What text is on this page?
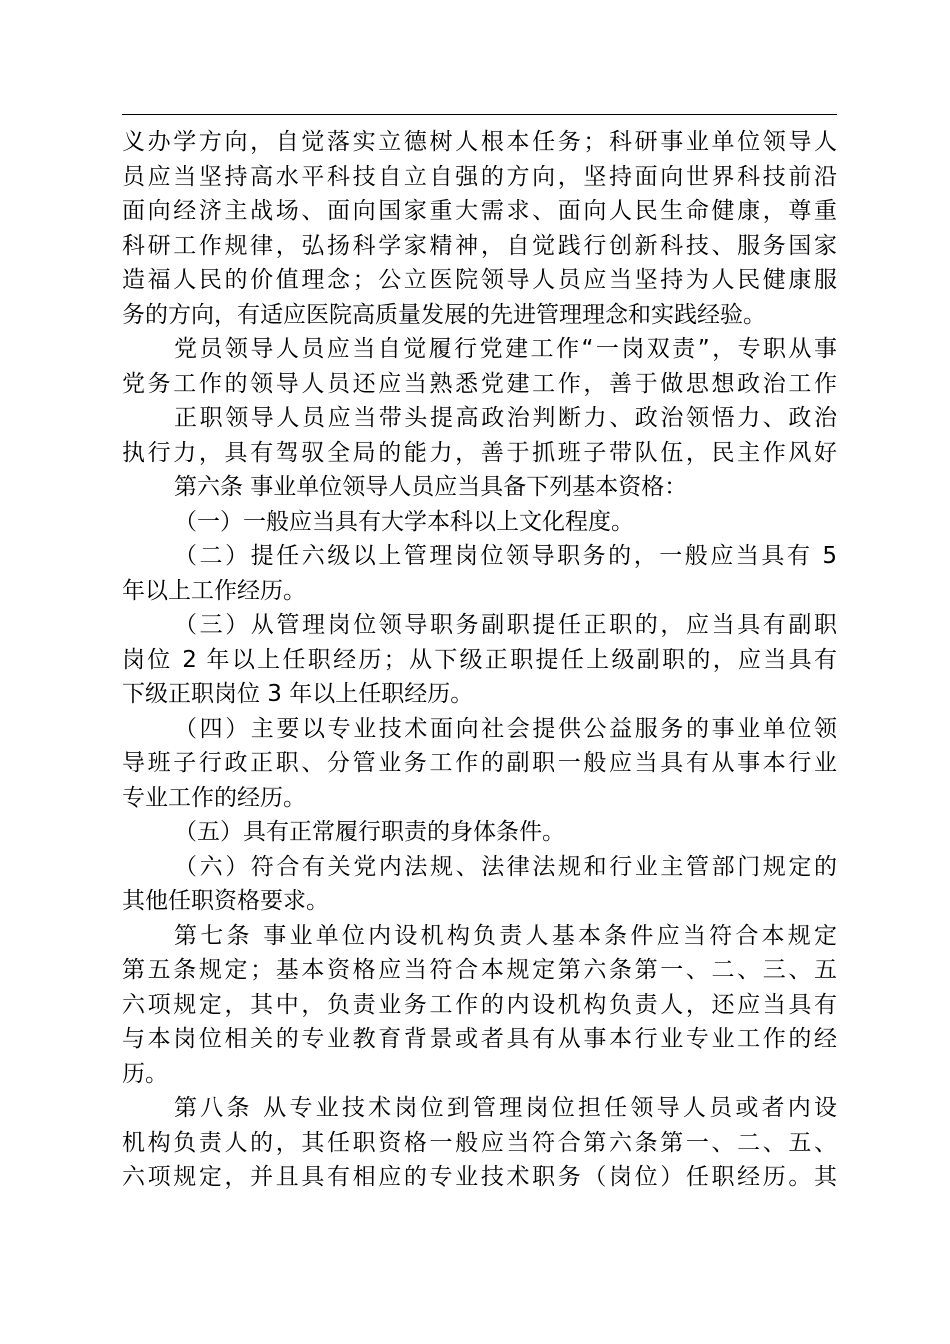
义办学方向，自觉落实立德树人根本任务；科研事业单位领导人
员应当坚持高水平科技自立自强的方向，坚持面向世界科技前沿
面向经济主战场、面向国家重大需求、面向人民生命健康，尊重
科研工作规律，弘扬科学家精神，自觉践行创新科技、服务国家
造福人民的价值理念；公立医院领导人员应当坚持为人民健康服
务的方向，有适应医院高质量发展的先进管理理念和实践经验。
党员领导人员应当自觉履行党建工作“一岗双责”，专职从事
党务工作的领导人员还应当熟悉党建工作，善于做思想政治工作
正职领导人员应当带头提高政治判断力、政治领悟力、政治
执行力，具有驾驭全局的能力，善于抓班子带队伍，民主作风好
第六条 事业单位领导人员应当具备下列基本资格：
（一）一般应当具有大学本科以上文化程度。
（二）提任六级以上管理岗位领导职务的，一般应当具有 5
年以上工作经历。
（三）从管理岗位领导职务副职提任正职的，应当具有副职
岗位 2 年以上任职经历；从下级正职提任上级副职的，应当具有
下级正职岗位 3 年以上任职经历。
（四）主要以专业技术面向社会提供公益服务的事业单位领
导班子行政正职、分管业务工作的副职一般应当具有从事本行业
专业工作的经历。
（五）具有正常履行职责的身体条件。
（六）符合有关党内法规、法律法规和行业主管部门规定的
其他任职资格要求。
第七条 事业单位内设机构负责人基本条件应当符合本规定
第五条规定；基本资格应当符合本规定第六条第一、二、三、五
六项规定，其中，负责业务工作的内设机构负责人，还应当具有
与本岗位相关的专业教育背景或者具有从事本行业专业工作的经
历。
第八条 从专业技术岗位到管理岗位担任领导人员或者内设
机构负责人的，其任职资格一般应当符合第六条第一、二、五、
六项规定，并且具有相应的专业技术职务（岗位）任职经历。其
